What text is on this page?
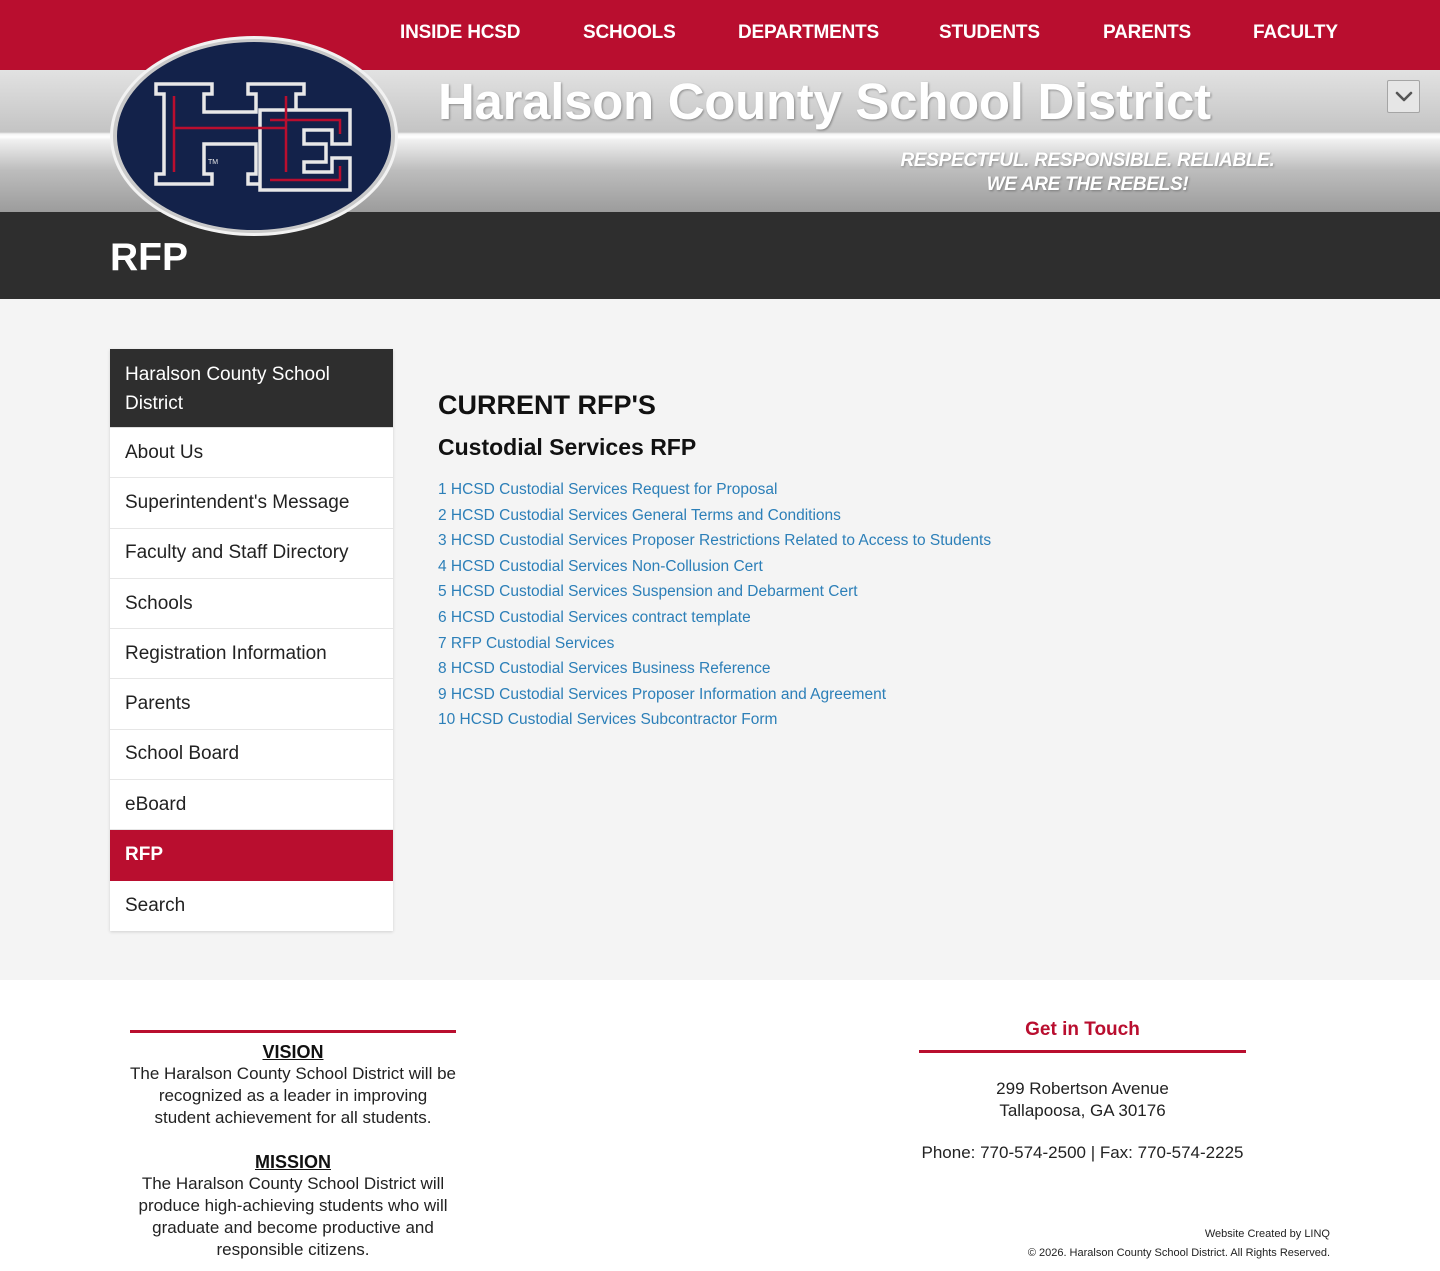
INSIDE HCSD	SCHOOLS	DEPARTMENTS	STUDENTS	PARENTS	FACULTY
Haralson County School District
RESPECTFUL. RESPONSIBLE. RELIABLE.
WE ARE THE REBELS!
RFP
TM
Haralson County School District
About Us
Superintendent's Message
Faculty and Staff Directory
Schools
Registration Information
Parents
School Board
eBoard
RFP
Search
CURRENT RFP'S
Custodial Services RFP
1 HCSD Custodial Services Request for Proposal
2 HCSD Custodial Services General Terms and Conditions
3 HCSD Custodial Services Proposer Restrictions Related to Access to Students
4 HCSD Custodial Services Non-Collusion Cert
5 HCSD Custodial Services Suspension and Debarment Cert
6 HCSD Custodial Services contract template
7 RFP Custodial Services
8 HCSD Custodial Services Business Reference
9 HCSD Custodial Services Proposer Information and Agreement
10 HCSD Custodial Services Subcontractor Form
VISION
The Haralson County School District will be recognized as a leader in improving student achievement for all students.
MISSION
The Haralson County School District will produce high-achieving students who will graduate and become productive and responsible citizens.
Get in Touch
299 Robertson Avenue
Tallapoosa, GA 30176
Phone: 770-574-2500 | Fax: 770-574-2225
Website Created by LINQ
© 2026. Haralson County School District. All Rights Reserved.
